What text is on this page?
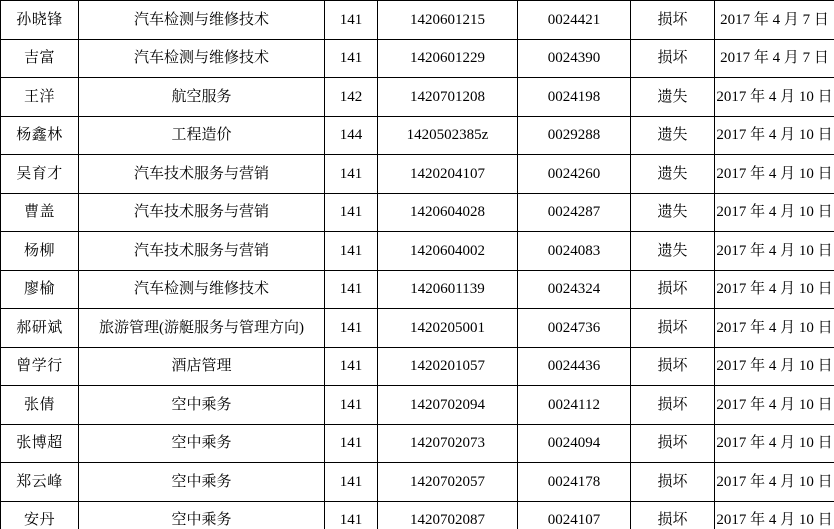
孙晓锋	汽车检测与维修技术	141	1420601215	0024421	损坏	2017 年 4 月 7 日
吉富	汽车检测与维修技术	141	1420601229	0024390	损坏	2017 年 4 月 7 日
王洋	航空服务	142	1420701208	0024198	遗失	2017 年 4 月 10 日
杨鑫林	工程造价	144	1420502385z	0029288	遗失	2017 年 4 月 10 日
吴育才	汽车技术服务与营销	141	1420204107	0024260	遗失	2017 年 4 月 10 日
曹盖	汽车技术服务与营销	141	1420604028	0024287	遗失	2017 年 4 月 10 日
杨柳	汽车技术服务与营销	141	1420604002	0024083	遗失	2017 年 4 月 10 日
廖榆	汽车检测与维修技术	141	1420601139	0024324	损坏	2017 年 4 月 10 日
郝研斌	旅游管理(游艇服务与管理方向)	141	1420205001	0024736	损坏	2017 年 4 月 10 日
曾学行	酒店管理	141	1420201057	0024436	损坏	2017 年 4 月 10 日
张倩	空中乘务	141	1420702094	0024112	损坏	2017 年 4 月 10 日
张博超	空中乘务	141	1420702073	0024094	损坏	2017 年 4 月 10 日
郑云峰	空中乘务	141	1420702057	0024178	损坏	2017 年 4 月 10 日
安丹	空中乘务	141	1420702087	0024107	损坏	2017 年 4 月 10 日
